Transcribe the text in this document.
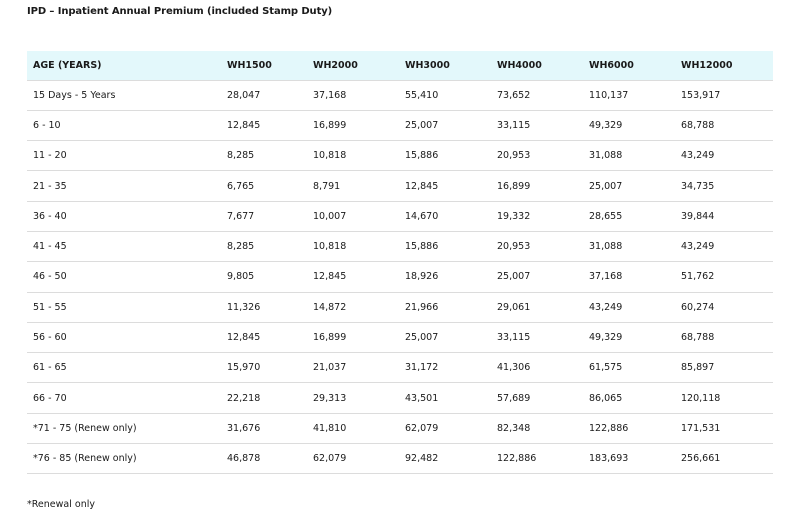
IPD – Inpatient Annual Premium (included Stamp Duty)
AGE (YEARS)	WH1500	WH2000	WH3000	WH4000	WH6000	WH12000
15 Days - 5 Years	28,047	37,168	55,410	73,652	110,137	153,917
6 - 10	12,845	16,899	25,007	33,115	49,329	68,788
11 - 20	8,285	10,818	15,886	20,953	31,088	43,249
21 - 35	6,765	8,791	12,845	16,899	25,007	34,735
36 - 40	7,677	10,007	14,670	19,332	28,655	39,844
41 - 45	8,285	10,818	15,886	20,953	31,088	43,249
46 - 50	9,805	12,845	18,926	25,007	37,168	51,762
51 - 55	11,326	14,872	21,966	29,061	43,249	60,274
56 - 60	12,845	16,899	25,007	33,115	49,329	68,788
61 - 65	15,970	21,037	31,172	41,306	61,575	85,897
66 - 70	22,218	29,313	43,501	57,689	86,065	120,118
*71 - 75 (Renew only)	31,676	41,810	62,079	82,348	122,886	171,531
*76 - 85 (Renew only)	46,878	62,079	92,482	122,886	183,693	256,661
*Renewal only
